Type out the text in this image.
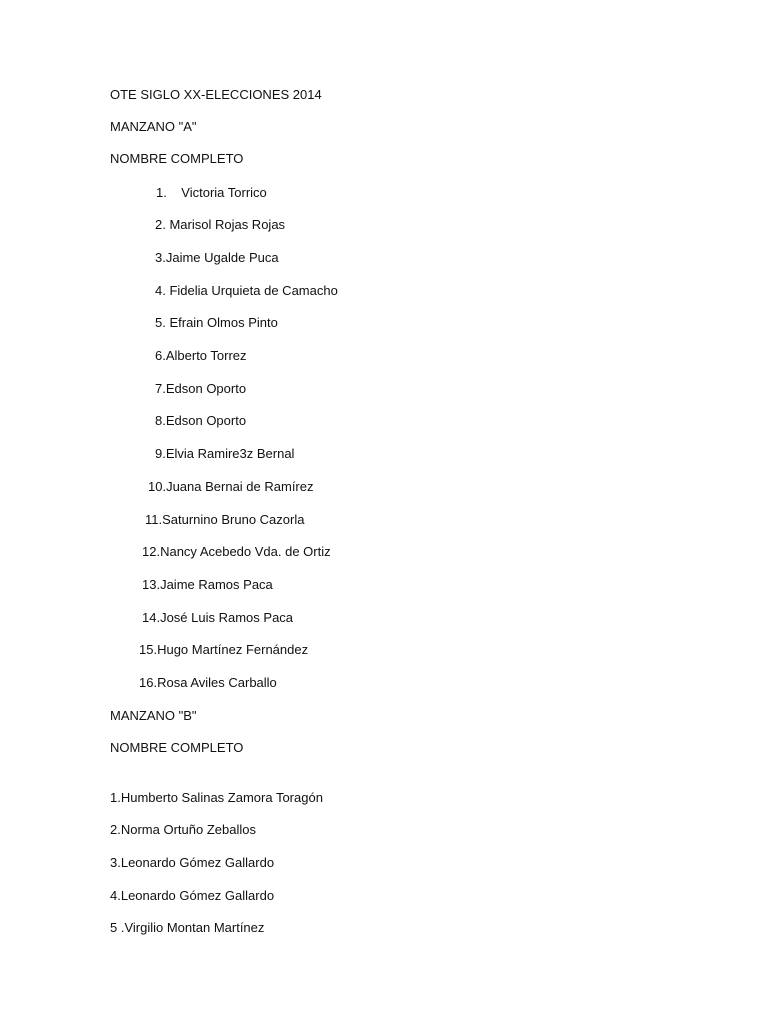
OTE SIGLO XX-ELECCIONES 2014
MANZANO "A"
NOMBRE COMPLETO
1.    Victoria Torrico
2. Marisol Rojas Rojas
3.Jaime Ugalde Puca
4. Fidelia Urquieta de Camacho
5. Efrain Olmos Pinto
6.Alberto Torrez
7.Edson Oporto
8.Edson Oporto
9.Elvia Ramire3z Bernal
10.Juana Bernai de Ramírez
11.Saturnino Bruno Cazorla
12.Nancy Acebedo Vda. de Ortiz
13.Jaime Ramos Paca
14.José Luis Ramos Paca
15.Hugo Martínez Fernández
16.Rosa Aviles Carballo
MANZANO "B"
NOMBRE COMPLETO
1.Humberto Salinas Zamora Toragón
2.Norma Ortuño Zeballos
3.Leonardo Gómez Gallardo
4.Leonardo Gómez Gallardo
5 .Virgilio Montan Martínez
